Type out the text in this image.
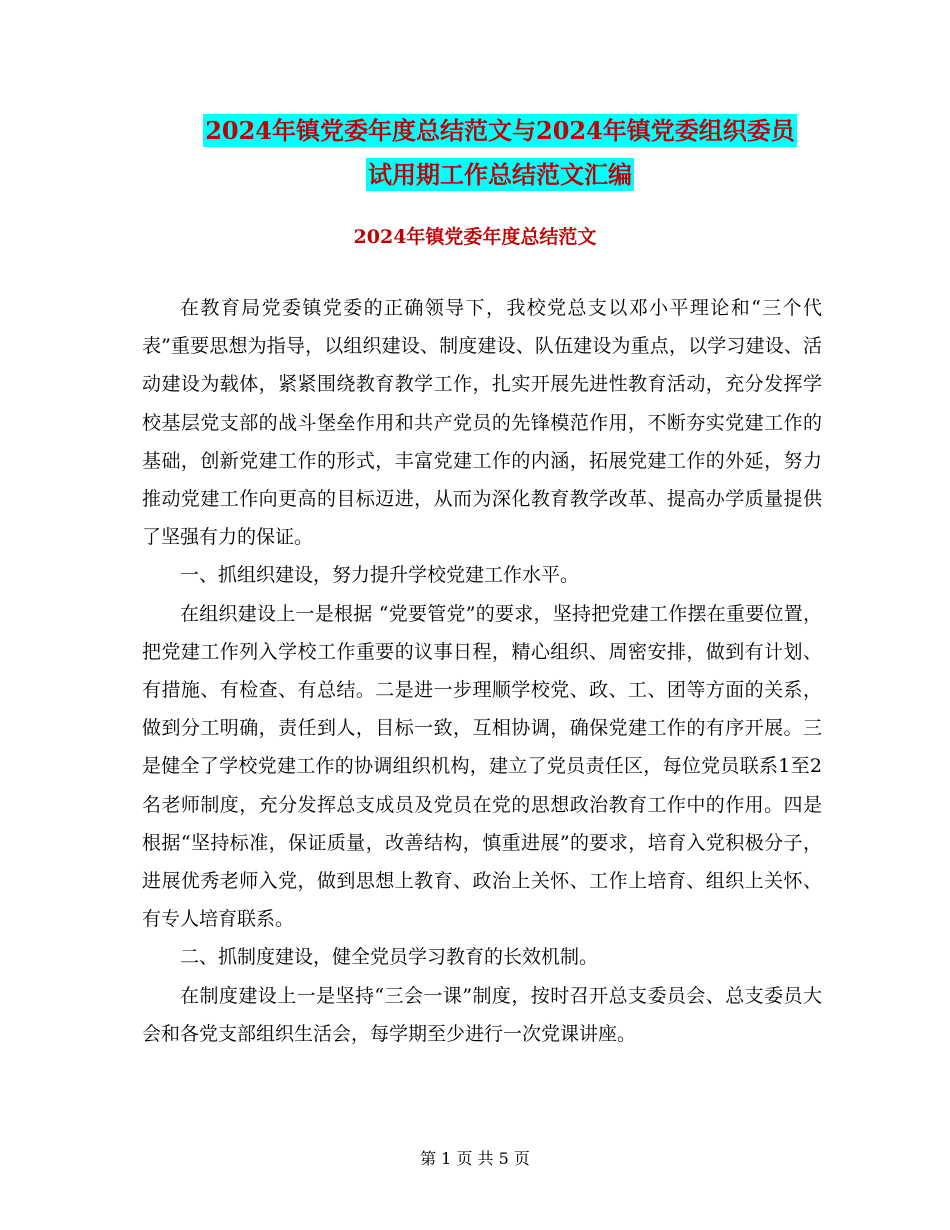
2024年镇党委年度总结范文与2024年镇党委组织委员
试用期工作总结范文汇编
2024年镇党委年度总结范文

在教育局党委镇党委的正确领导下，我校党总支以邓小平理论和“三个代表”重要思想为指导，以组织建设、制度建设、队伍建设为重点，以学习建设、活动建设为载体，紧紧围绕教育教学工作，扎实开展先进性教育活动，充分发挥学校基层党支部的战斗堡垒作用和共产党员的先锋模范作用，不断夯实党建工作的基础，创新党建工作的形式，丰富党建工作的内涵，拓展党建工作的外延，努力推动党建工作向更高的目标迈进，从而为深化教育教学改革、提高办学质量提供了坚强有力的保证。

一、抓组织建设，努力提升学校党建工作水平。

在组织建设上一是根据 “党要管党”的要求，坚持把党建工作摆在重要位置，把党建工作列入学校工作重要的议事日程，精心组织、周密安排，做到有计划、有措施、有检查、有总结。二是进一步理顺学校党、政、工、团等方面的关系，做到分工明确，责任到人，目标一致，互相协调，确保党建工作的有序开展。三是健全了学校党建工作的协调组织机构，建立了党员责任区，每位党员联系1至2名老师制度，充分发挥总支成员及党员在党的思想政治教育工作中的作用。四是根据“坚持标准，保证质量，改善结构，慎重进展”的要求，培育入党积极分子，进展优秀老师入党，做到思想上教育、政治上关怀、工作上培育、组织上关怀、有专人培育联系。

二、抓制度建设，健全党员学习教育的长效机制。

在制度建设上一是坚持“三会一课”制度，按时召开总支委员会、总支委员大会和各党支部组织生活会，每学期至少进行一次党课讲座。

第 1 页 共 5 页
